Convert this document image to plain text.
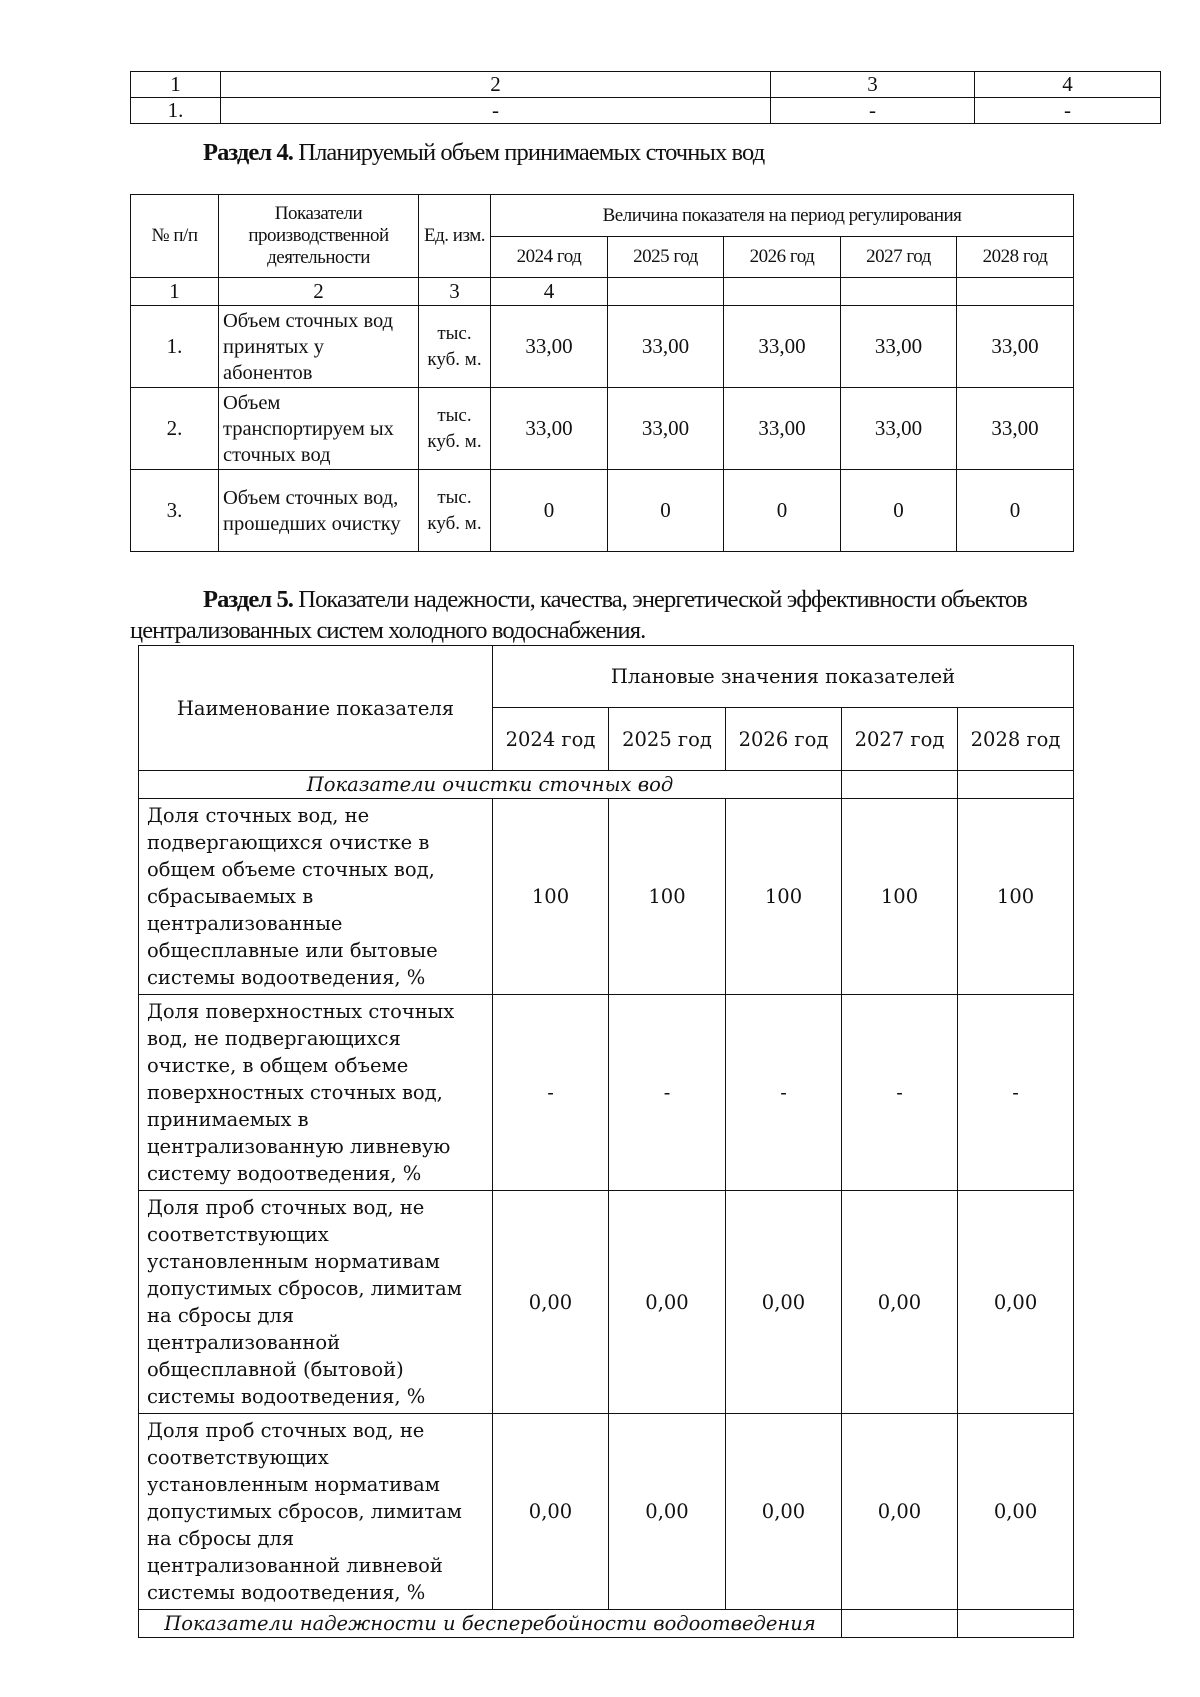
1	2	3	4
1.	-	-	-

Раздел 4. Планируемый объем принимаемых сточных вод

№ п/п	Показатели производственной деятельности	Ед. изм.	Величина показателя на период регулирования				
			2024 год	2025 год	2026 год	2027 год	2028 год
1	2	3	4				
1.	Объем сточных вод принятых у абонентов	тыс. куб. м.	33,00	33,00	33,00	33,00	33,00
2.	Объем транспортируем ых сточных вод	тыс. куб. м.	33,00	33,00	33,00	33,00	33,00
3.	Объем сточных вод, прошедших очистку	тыс. куб. м.	0	0	0	0	0

Раздел 5. Показатели надежности, качества, энергетической эффективности объектов централизованных систем холодного водоснабжения.

Наименование показателя	Плановые значения показателей				
	2024 год	2025 год	2026 год	2027 год	2028 год
Показатели очистки сточных вод					
Доля сточных вод, не подвергающихся очистке в общем объеме сточных вод, сбрасываемых в централизованные общесплавные или бытовые системы водоотведения, %	100	100	100	100	100
Доля поверхностных сточных вод, не подвергающихся очистке, в общем объеме поверхностных сточных вод, принимаемых в централизованную ливневую систему водоотведения, %	-	-	-	-	-
Доля проб сточных вод, не соответствующих установленным нормативам допустимых сбросов, лимитам на сбросы для централизованной общесплавной (бытовой) системы водоотведения, %	0,00	0,00	0,00	0,00	0,00
Доля проб сточных вод, не соответствующих установленным нормативам допустимых сбросов, лимитам на сбросы для централизованной ливневой системы водоотведения, %	0,00	0,00	0,00	0,00	0,00
Показатели надежности и бесперебойности водоотведения					
